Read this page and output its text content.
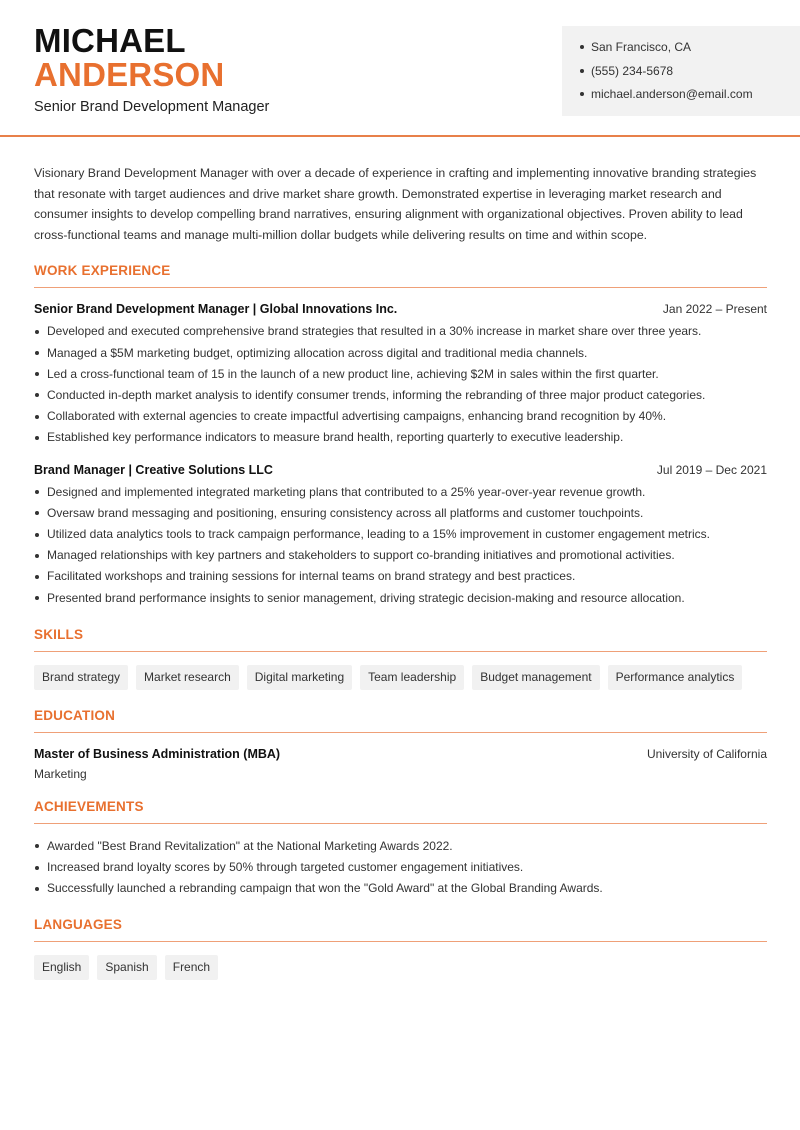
MICHAEL
ANDERSON
Senior Brand Development Manager
San Francisco, CA
(555) 234-5678
michael.anderson@email.com
Visionary Brand Development Manager with over a decade of experience in crafting and implementing innovative branding strategies that resonate with target audiences and drive market share growth. Demonstrated expertise in leveraging market research and consumer insights to develop compelling brand narratives, ensuring alignment with organizational objectives. Proven ability to lead cross-functional teams and manage multi-million dollar budgets while delivering results on time and within scope.
WORK EXPERIENCE
Senior Brand Development Manager | Global Innovations Inc.	Jan 2022 – Present
Developed and executed comprehensive brand strategies that resulted in a 30% increase in market share over three years.
Managed a $5M marketing budget, optimizing allocation across digital and traditional media channels.
Led a cross-functional team of 15 in the launch of a new product line, achieving $2M in sales within the first quarter.
Conducted in-depth market analysis to identify consumer trends, informing the rebranding of three major product categories.
Collaborated with external agencies to create impactful advertising campaigns, enhancing brand recognition by 40%.
Established key performance indicators to measure brand health, reporting quarterly to executive leadership.
Brand Manager | Creative Solutions LLC	Jul 2019 – Dec 2021
Designed and implemented integrated marketing plans that contributed to a 25% year-over-year revenue growth.
Oversaw brand messaging and positioning, ensuring consistency across all platforms and customer touchpoints.
Utilized data analytics tools to track campaign performance, leading to a 15% improvement in customer engagement metrics.
Managed relationships with key partners and stakeholders to support co-branding initiatives and promotional activities.
Facilitated workshops and training sessions for internal teams on brand strategy and best practices.
Presented brand performance insights to senior management, driving strategic decision-making and resource allocation.
SKILLS
Brand strategy	Market research	Digital marketing	Team leadership	Budget management	Performance analytics
EDUCATION
Master of Business Administration (MBA)	University of California
Marketing
ACHIEVEMENTS
Awarded "Best Brand Revitalization" at the National Marketing Awards 2022.
Increased brand loyalty scores by 50% through targeted customer engagement initiatives.
Successfully launched a rebranding campaign that won the "Gold Award" at the Global Branding Awards.
LANGUAGES
English	Spanish	French
